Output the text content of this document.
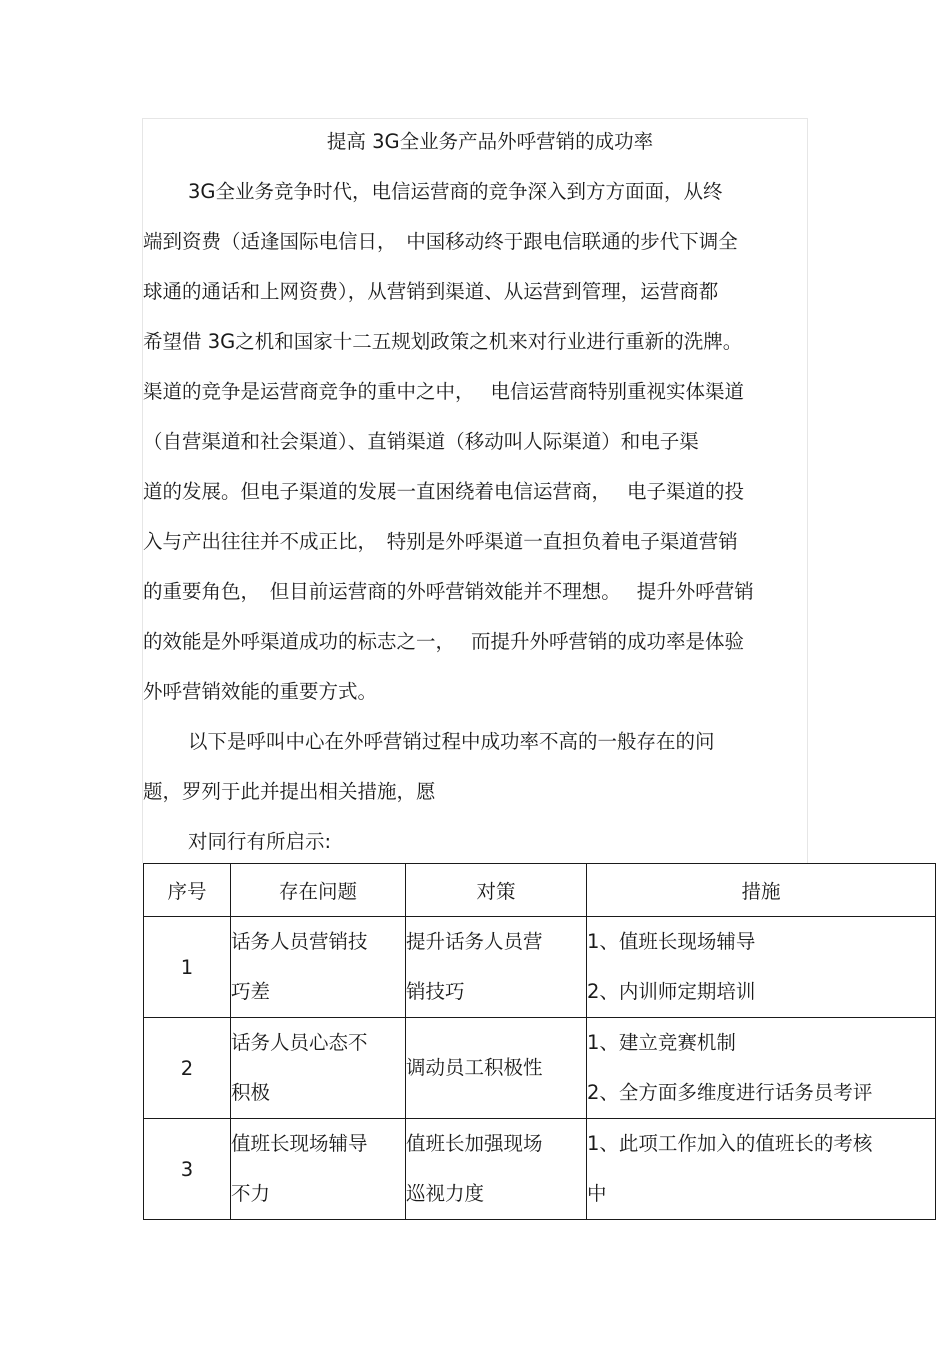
提高 3G全业务产品外呼营销的成功率

3G全业务竞争时代，电信运营商的竞争深入到方方面面，从终

端到资费（适逢国际电信日，　中国移动终于跟电信联通的步代下调全

球通的通话和上网资费），从营销到渠道、从运营到管理，运营商都

希望借 3G之机和国家十二五规划政策之机来对行业进行重新的洗牌。

渠道的竞争是运营商竞争的重中之中，　 电信运营商特别重视实体渠道

（自营渠道和社会渠道）、直销渠道（移动叫人际渠道）和电子渠

道的发展。但电子渠道的发展一直困绕着电信运营商，　 电子渠道的投

入与产出往往并不成正比，　特别是外呼渠道一直担负着电子渠道营销

的重要角色，　但目前运营商的外呼营销效能并不理想。　 提升外呼营销

的效能是外呼渠道成功的标志之一，　 而提升外呼营销的成功率是体验

外呼营销效能的重要方式。

以下是呼叫中心在外呼营销过程中成功率不高的一般存在的问

题，罗列于此并提出相关措施，愿

对同行有所启示:

序号	存在问题	对策	措施
1	话务人员营销技
巧差	提升话务人员营
销技巧	1、值班长现场辅导
2、内训师定期培训

2	话务人员心态不
积极	调动员工积极性	1、建立竞赛机制
2、全方面多维度进行话务员考评

3	值班长现场辅导
不力	值班长加强现场
巡视力度	1、此项工作加入的值班长的考核
中
